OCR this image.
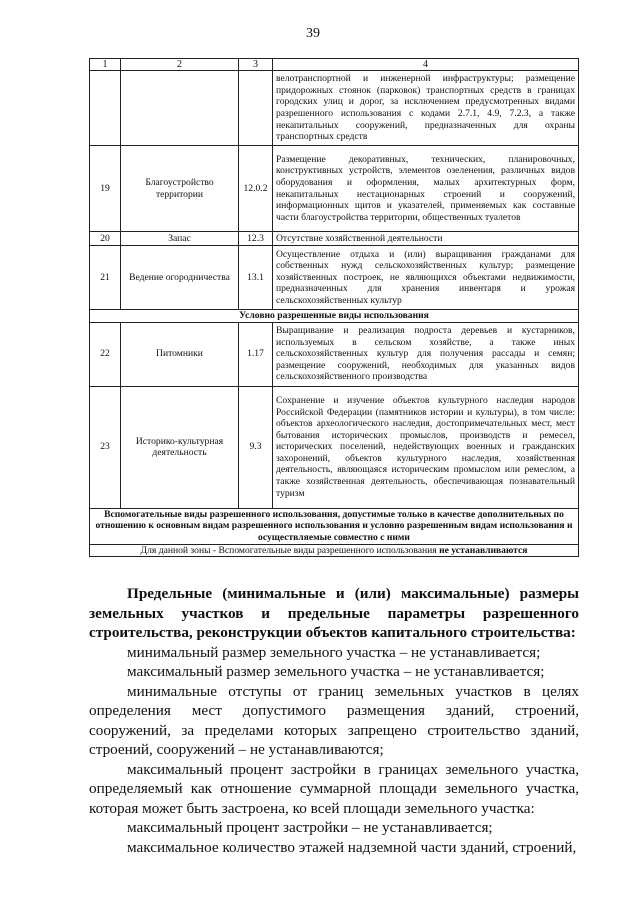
39
1	2	3	4
			велотранспортной и инженерной инфраструктуры; размещение придорожных стоянок (парковок) транспортных средств в границах городских улиц и дорог, за исключением предусмотренных видами разрешенного использования с кодами 2.7.1, 4.9, 7.2.3, а также некапитальных сооружений, предназначенных для охраны транспортных средств
19	Благоустройство территории	12.0.2	Размещение декоративных, технических, планировочных, конструктивных устройств, элементов озеленения, различных видов оборудования и оформления, малых архитектурных форм, некапитальных нестационарных строений и сооружений, информационных щитов и указателей, применяемых как составные части благоустройства территории, общественных туалетов
20	Запас	12.3	Отсутствие хозяйственной деятельности
21	Ведение огородничества	13.1	Осуществление отдыха и (или) выращивания гражданами для собственных нужд сельскохозяйственных культур; размещение хозяйственных построек, не являющихся объектами недвижимости, предназначенных для хранения инвентаря и урожая сельскохозяйственных культур
Условно разрешенные виды использования			
22	Питомники	1.17	Выращивание и реализация подроста деревьев и кустарников, используемых в сельском хозяйстве, а также иных сельскохозяйственных культур для получения рассады и семян; размещение сооружений, необходимых для указанных видов сельскохозяйственного производства
23	Историко-культурная деятельность	9.3	Сохранение и изучение объектов культурного наследия народов Российской Федерации (памятников истории и культуры), в том числе: объектов археологического наследия, достопримечательных мест, мест бытования исторических промыслов, производств и ремесел, исторических поселений, недействующих военных и гражданских захоронений, объектов культурного наследия, хозяйственная деятельность, являющаяся историческим промыслом или ремеслом, а также хозяйственная деятельность, обеспечивающая познавательный туризм
Вспомогательные виды разрешенного использования, допустимые только в качестве дополнительных по отношению к основным видам разрешенного использования и условно разрешенным видам использования и осуществляемые совместно с ними			
Для данной зоны - Вспомогательные виды разрешенного использования не устанавливаются			

Предельные (минимальные и (или) максимальные) размеры земельных участков и предельные параметры разрешенного строительства, реконструкции объектов капитального строительства:

минимальный размер земельного участка – не устанавливается;

максимальный размер земельного участка – не устанавливается;

минимальные отступы от границ земельных участков в целях определения мест допустимого размещения зданий, строений, сооружений, за пределами которых запрещено строительство зданий, строений, сооружений – не устанавливаются;

максимальный процент застройки в границах земельного участка, определяемый как отношение суммарной площади земельного участка, которая может быть застроена, ко всей площади земельного участка:

максимальный процент застройки – не устанавливается;

максимальное количество этажей надземной части зданий, строений,
